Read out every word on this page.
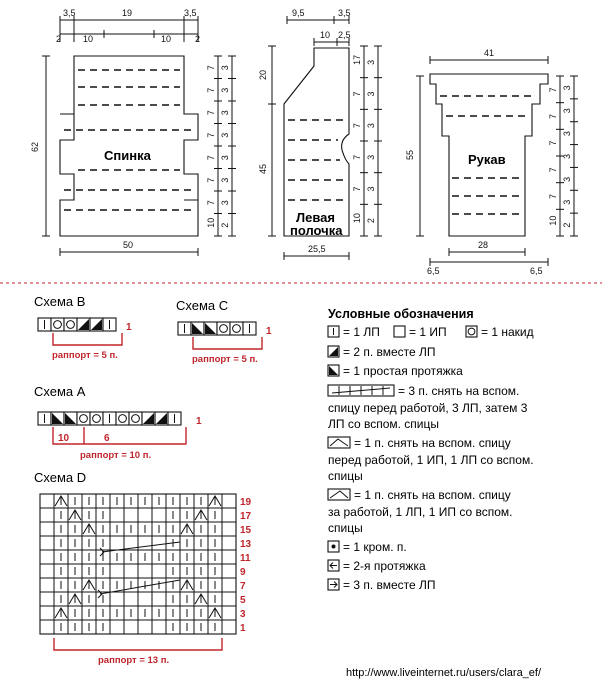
3,5	19	3,5
2 10	10	2
62
Спинка
50
7
7
7
7
7
7
7
10
3
3
3
3
3
3
3
2
9,5	3,5
10 2,5
20
45
Левая
полочка
25,5
17
7
7
7
7
10
3
3
3
3
3
2
41
55	Рукав
28
6,5	6,5
7
7
7
7
7
10
3
3
3
3
3
3
2
Схема B
1
раппорт = 5 п.
Схема C
1
раппорт = 5 п.
Схема A
1
10	6
раппорт = 10 п.
Схема D
19
17
15
13
11
9
7
5
3
1
раппорт = 13 п.
Условные обозначения
= 1 ЛП = 1 ИП	= 1 накид
= 2 п. вместе ЛП
= 1 простая протяжка
= 3 п. снять на вспом.
спицу перед работой, 3 ЛП, затем 3
ЛП со вспом. спицы
= 1 п. снять на вспом. спицу
перед работой, 1 ИП, 1 ЛП со вспом.
спицы
= 1 п. снять на вспом. спицу
за работой, 1 ЛП, 1 ИП со вспом.
спицы
= 1 кром. п.
= 2-я протяжка
= 3 п. вместе ЛП
http://www.liveinternet.ru/users/clara_ef/
